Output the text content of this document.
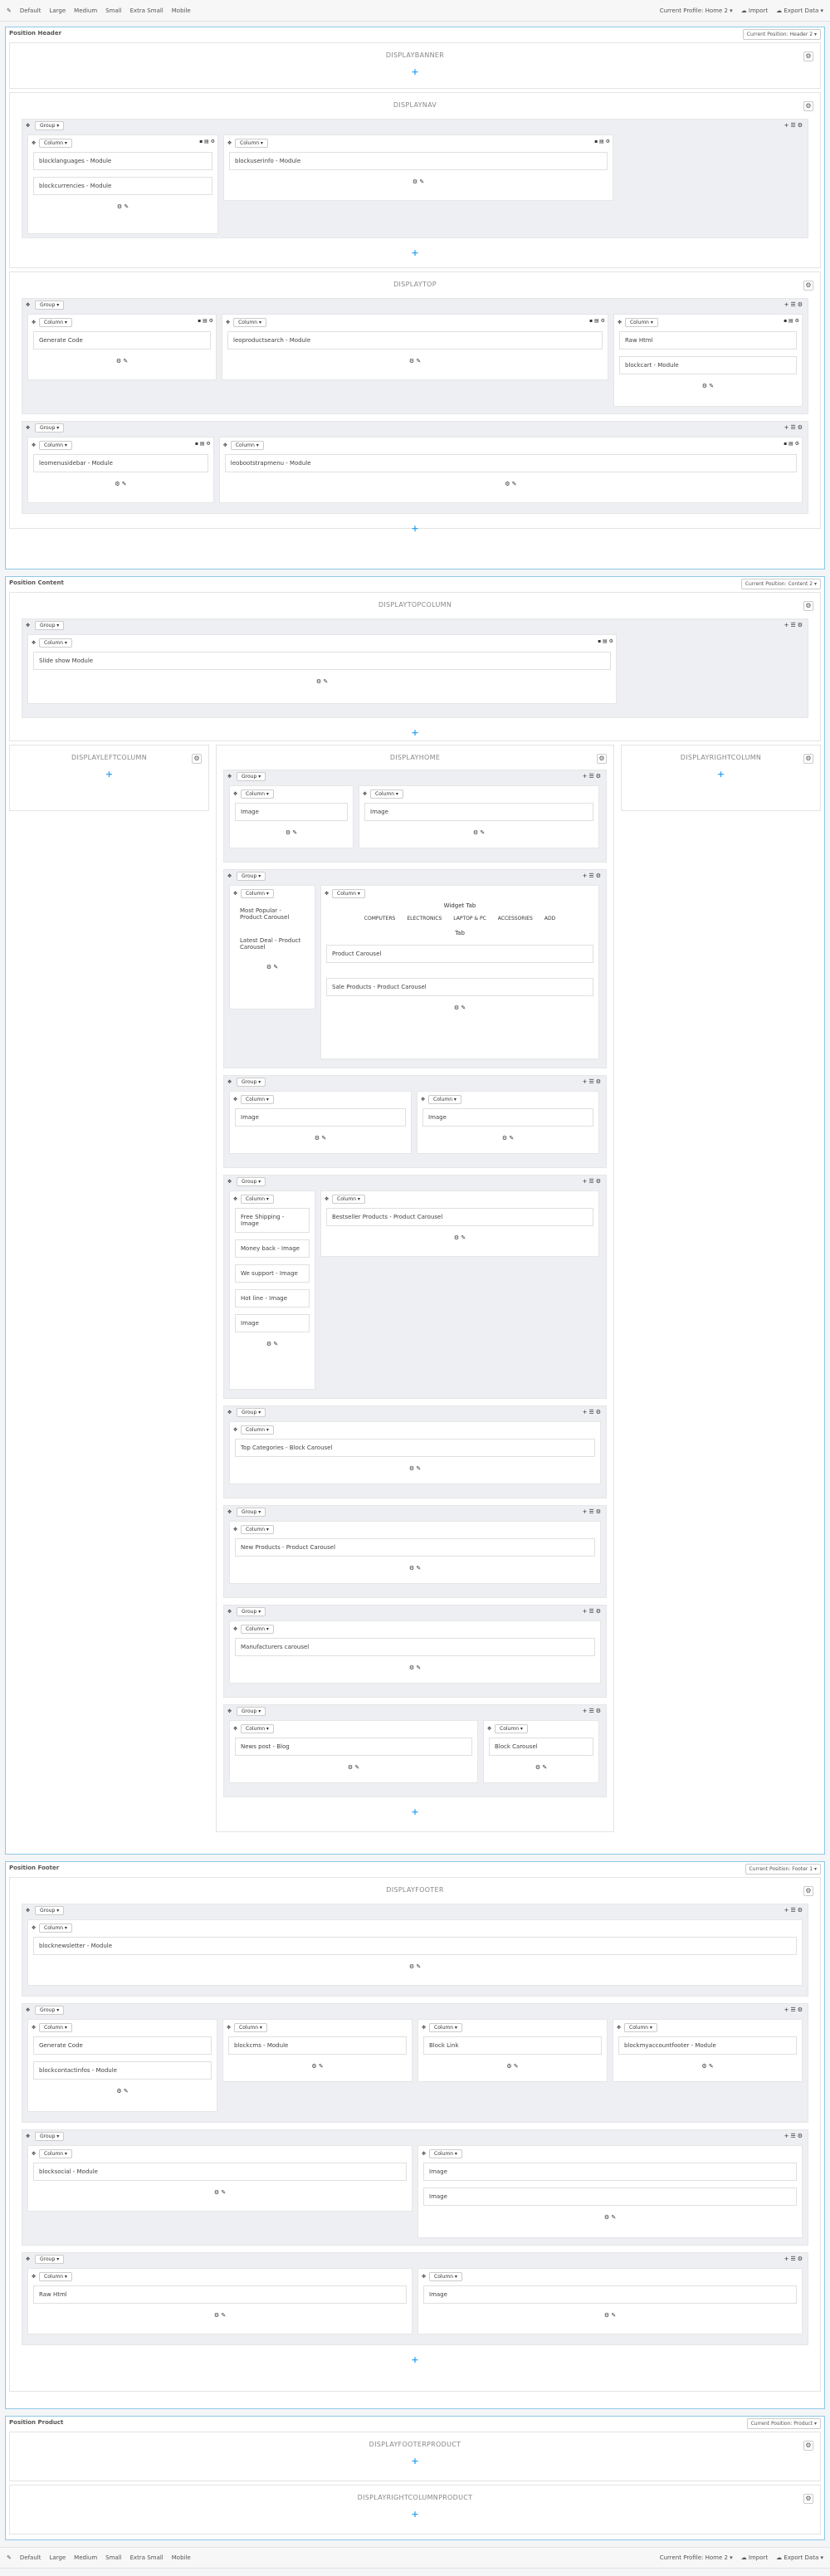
✎ Default Large Medium Small Extra Small Mobile	Current Profile: Home 2 ▾ ☁ Import ☁ Export Data ▾
Position Header	Current Position: Header 2 ▾
DISPLAYBANNER	⚙
+
DISPLAYNAV	⚙
✥	Group ▾	+☰⚙
✥	Column ▾	▪ ▤ ⚙
blocklanguages - Module
blockcurrencies - Module
⚙ ✎
✥	Column ▾	▪ ▤ ⚙
blockuserinfo - Module
⚙ ✎
+
DISPLAYTOP	⚙
✥	Group ▾	+☰⚙
✥	Column ▾	▪ ▤ ⚙
Generate Code
⚙ ✎
✥	Column ▾	▪ ▤ ⚙
leoproductsearch - Module
⚙ ✎
✥	Column ▾	▪ ▤ ⚙
Raw Html
blockcart - Module
⚙ ✎
✥	Group ▾	+☰⚙
✥	Column ▾	▪ ▤ ⚙
leomenusidebar - Module
⚙ ✎
✥	Column ▾	▪ ▤ ⚙
leobootstrapmenu - Module
⚙ ✎
+
Position Content	Current Position: Content 2 ▾
DISPLAYTOPCOLUMN	⚙
✥	Group ▾	+☰⚙
✥	Column ▾	▪ ▤ ⚙
Slide show Module
⚙ ✎
+
DISPLAYLEFTCOLUMN	⚙
+
DISPLAYHOME	⚙
✥	Group ▾	+☰⚙
✥	Column ▾
Image
⚙ ✎
✥	Column ▾
Image
⚙ ✎
✥	Group ▾	+☰⚙
✥	Column ▾
Most Popular - Product Carousel
Latest Deal - Product Carousel
⚙ ✎
✥	Column ▾
Widget Tab
COMPUTERS ELECTRONICS LAPTOP & PC ACCESSORIES ADD
Tab
Product Carousel
Sale Products - Product Carousel
⚙ ✎
✥	Group ▾	+☰⚙
✥	Column ▾
Image
⚙ ✎
✥	Column ▾
Image
⚙ ✎
✥	Group ▾	+☰⚙
✥	Column ▾
Free Shipping - Image
Money back - Image
We support - Image
Hot line - Image
Image
⚙ ✎
✥	Column ▾
Bestseller Products - Product Carousel
⚙ ✎
✥	Group ▾	+☰⚙
✥	Column ▾
Top Categories - Block Carousel
⚙ ✎
✥	Group ▾	+☰⚙
✥	Column ▾
New Products - Product Carousel
⚙ ✎
✥	Group ▾	+☰⚙
✥	Column ▾
Manufacturers carousel
⚙ ✎
✥	Group ▾	+☰⚙
✥	Column ▾
News post - Blog
⚙ ✎
✥	Column ▾
Block Carousel
⚙ ✎
+
DISPLAYRIGHTCOLUMN	⚙
+
Position Footer	Current Position: Footer 1 ▾
DISPLAYFOOTER	⚙
✥	Group ▾	+☰⚙
✥	Column ▾
blocknewsletter - Module
⚙ ✎
✥	Group ▾	+☰⚙
✥	Column ▾
Generate Code
blockcontactinfos - Module
⚙ ✎
✥	Column ▾
blockcms - Module
⚙ ✎
✥	Column ▾
Block Link
⚙ ✎
✥	Column ▾
blockmyaccountfooter - Module
⚙ ✎
✥	Group ▾	+☰⚙
✥	Column ▾
blocksocial - Module
⚙ ✎
✥	Column ▾
Image
Image
⚙ ✎
✥	Group ▾	+☰⚙
✥	Column ▾
Raw Html
⚙ ✎
✥	Column ▾
Image
⚙ ✎
+
Position Product	Current Position: Product ▾
DISPLAYFOOTERPRODUCT	⚙
+
DISPLAYRIGHTCOLUMNPRODUCT	⚙
+
✎ Default Large Medium Small Extra Small Mobile	Current Profile: Home 2 ▾ ☁ Import ☁ Export Data ▾
